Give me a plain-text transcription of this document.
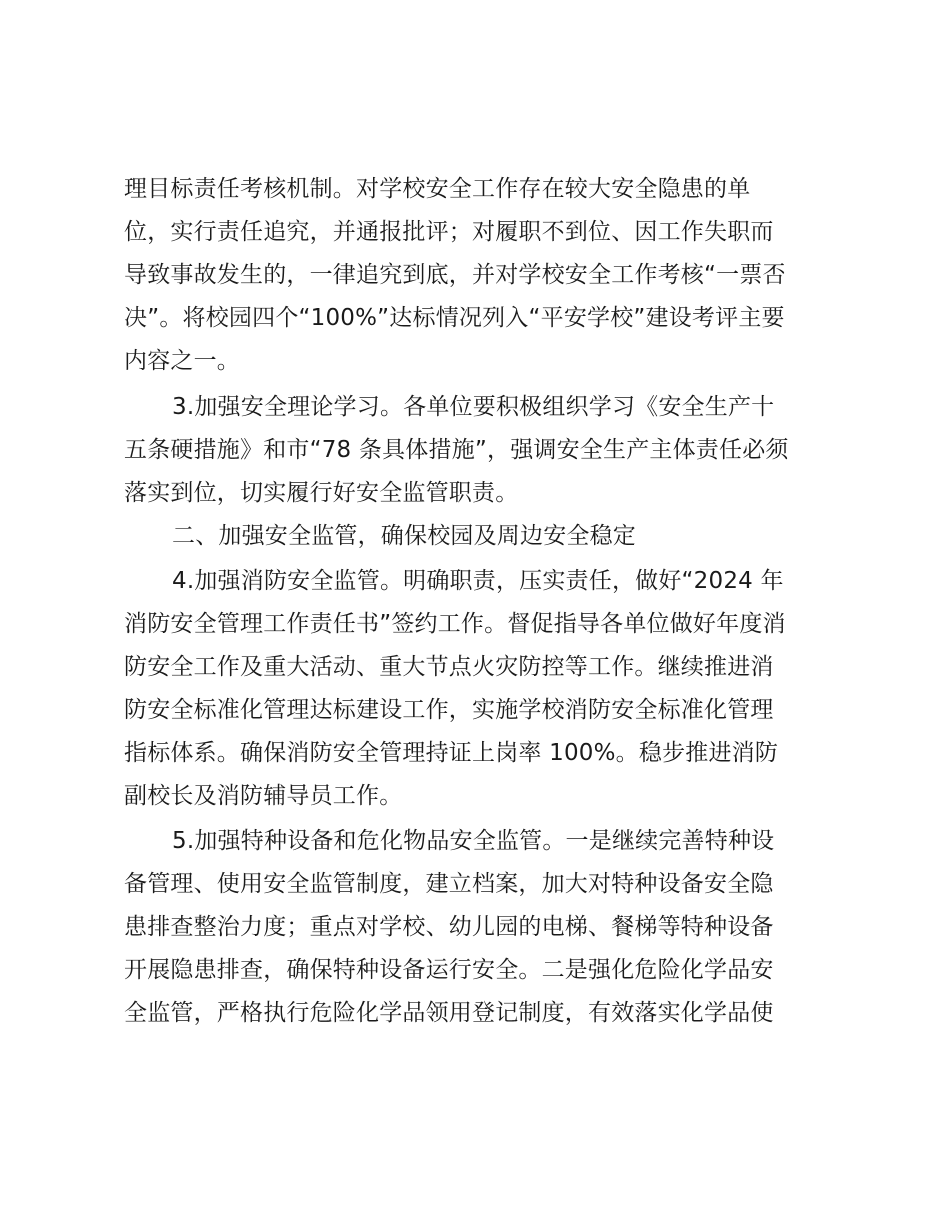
理目标责任考核机制。对学校安全工作存在较大安全隐患的单
位，实行责任追究，并通报批评；对履职不到位、因工作失职而
导致事故发生的，一律追究到底，并对学校安全工作考核“一票否
决”。将校园四个“100%”达标情况列入“平安学校”建设考评主要
内容之一。
3.加强安全理论学习。各单位要积极组织学习《安全生产十
五条硬措施》和市“78 条具体措施”，强调安全生产主体责任必须
落实到位，切实履行好安全监管职责。
二、加强安全监管，确保校园及周边安全稳定
4.加强消防安全监管。明确职责，压实责任，做好“2024 年
消防安全管理工作责任书”签约工作。督促指导各单位做好年度消
防安全工作及重大活动、重大节点火灾防控等工作。继续推进消
防安全标准化管理达标建设工作，实施学校消防安全标准化管理
指标体系。确保消防安全管理持证上岗率 100%。稳步推进消防
副校长及消防辅导员工作。
5.加强特种设备和危化物品安全监管。一是继续完善特种设
备管理、使用安全监管制度，建立档案，加大对特种设备安全隐
患排查整治力度；重点对学校、幼儿园的电梯、餐梯等特种设备
开展隐患排查，确保特种设备运行安全。二是强化危险化学品安
全监管，严格执行危险化学品领用登记制度，有效落实化学品使
